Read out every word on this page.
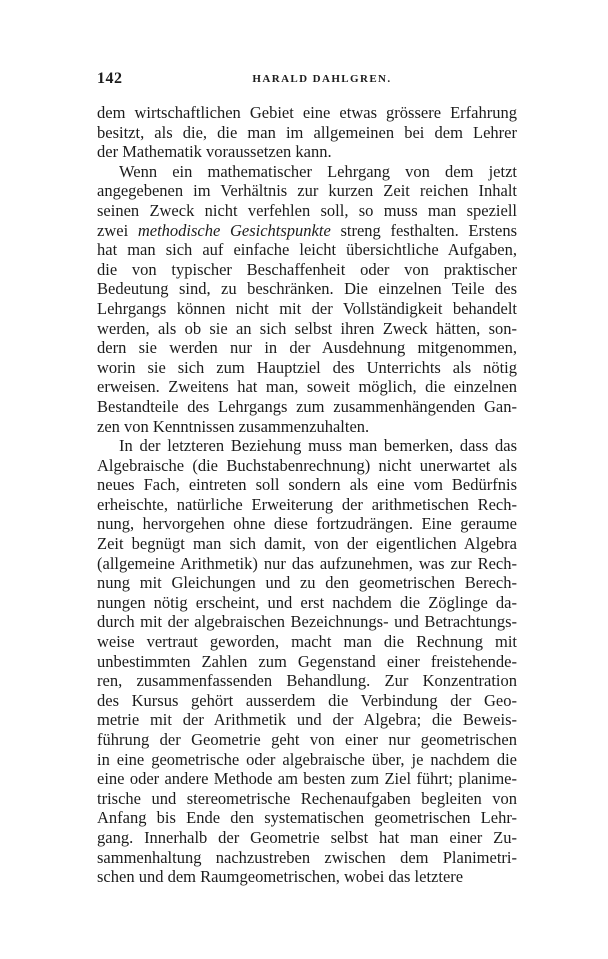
142	HARALD DAHLGREN.

dem wirtschaftlichen Gebiet eine etwas grössere Erfahrung
besitzt, als die, die man im allgemeinen bei dem Lehrer
der Mathematik voraussetzen kann.

Wenn ein mathematischer Lehrgang von dem jetzt
angegebenen im Verhältnis zur kurzen Zeit reichen Inhalt
seinen Zweck nicht verfehlen soll, so muss man speziell
zwei methodische Gesichtspunkte streng festhalten. Erstens
hat man sich auf einfache leicht übersichtliche Aufgaben,
die von typischer Beschaffenheit oder von praktischer
Bedeutung sind, zu beschränken. Die einzelnen Teile des
Lehrgangs können nicht mit der Vollständigkeit behandelt
werden, als ob sie an sich selbst ihren Zweck hätten, son-
dern sie werden nur in der Ausdehnung mitgenommen,
worin sie sich zum Hauptziel des Unterrichts als nötig
erweisen. Zweitens hat man, soweit möglich, die einzelnen
Bestandteile des Lehrgangs zum zusammenhängenden Gan-
zen von Kenntnissen zusammenzuhalten.

In der letzteren Beziehung muss man bemerken, dass das
Algebraische (die Buchstabenrechnung) nicht unerwartet als
neues Fach, eintreten soll sondern als eine vom Bedürfnis
erheischte, natürliche Erweiterung der arithmetischen Rech-
nung, hervorgehen ohne diese fortzudrängen. Eine geraume
Zeit begnügt man sich damit, von der eigentlichen Algebra
(allgemeine Arithmetik) nur das aufzunehmen, was zur Rech-
nung mit Gleichungen und zu den geometrischen Berech-
nungen nötig erscheint, und erst nachdem die Zöglinge da-
durch mit der algebraischen Bezeichnungs- und Betrachtungs-
weise vertraut geworden, macht man die Rechnung mit
unbestimmten Zahlen zum Gegenstand einer freistehende-
ren, zusammenfassenden Behandlung. Zur Konzentration
des Kursus gehört ausserdem die Verbindung der Geo-
metrie mit der Arithmetik und der Algebra; die Beweis-
führung der Geometrie geht von einer nur geometrischen
in eine geometrische oder algebraische über, je nachdem die
eine oder andere Methode am besten zum Ziel führt; planime-
trische und stereometrische Rechenaufgaben begleiten von
Anfang bis Ende den systematischen geometrischen Lehr-
gang. Innerhalb der Geometrie selbst hat man einer Zu-
sammenhaltung nachzustreben zwischen dem Planimetri-
schen und dem Raumgeometrischen, wobei das letztere
